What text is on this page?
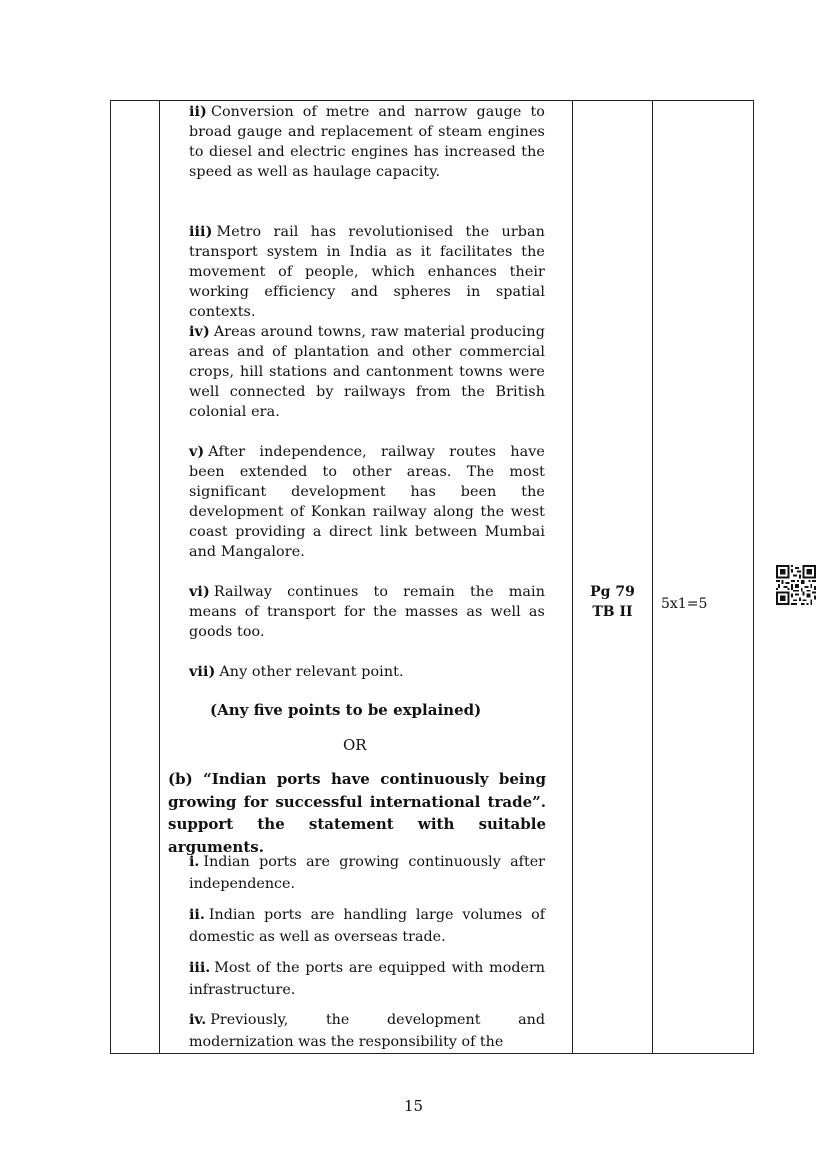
ii) Conversion of metre and narrow gauge to broad gauge and replacement of steam engines to diesel and electric engines has increased the speed as well as haulage capacity.
iii) Metro rail has revolutionised the urban transport system in India as it facilitates the movement of people, which enhances their working efficiency and spheres in spatial contexts.
iv) Areas around towns, raw material producing areas and of plantation and other commercial crops, hill stations and cantonment towns were well connected by railways from the British colonial era.
v) After independence, railway routes have been extended to other areas. The most significant development has been the development of Konkan railway along the west coast providing a direct link between Mumbai and Mangalore.
vi) Railway continues to remain the main means of transport for the masses as well as goods too.
vii) Any other relevant point.
(Any five points to be explained)
OR
(b) “Indian ports have continuously being growing for successful international trade”. support the statement with suitable arguments.
i. Indian ports are growing continuously after independence.
ii. Indian ports are handling large volumes of domestic as well as overseas trade.
iii. Most of the ports are equipped with modern infrastructure.
iv. Previously, the development and modernization was the responsibility of the
Pg 79
TB II	5x1=5
15
